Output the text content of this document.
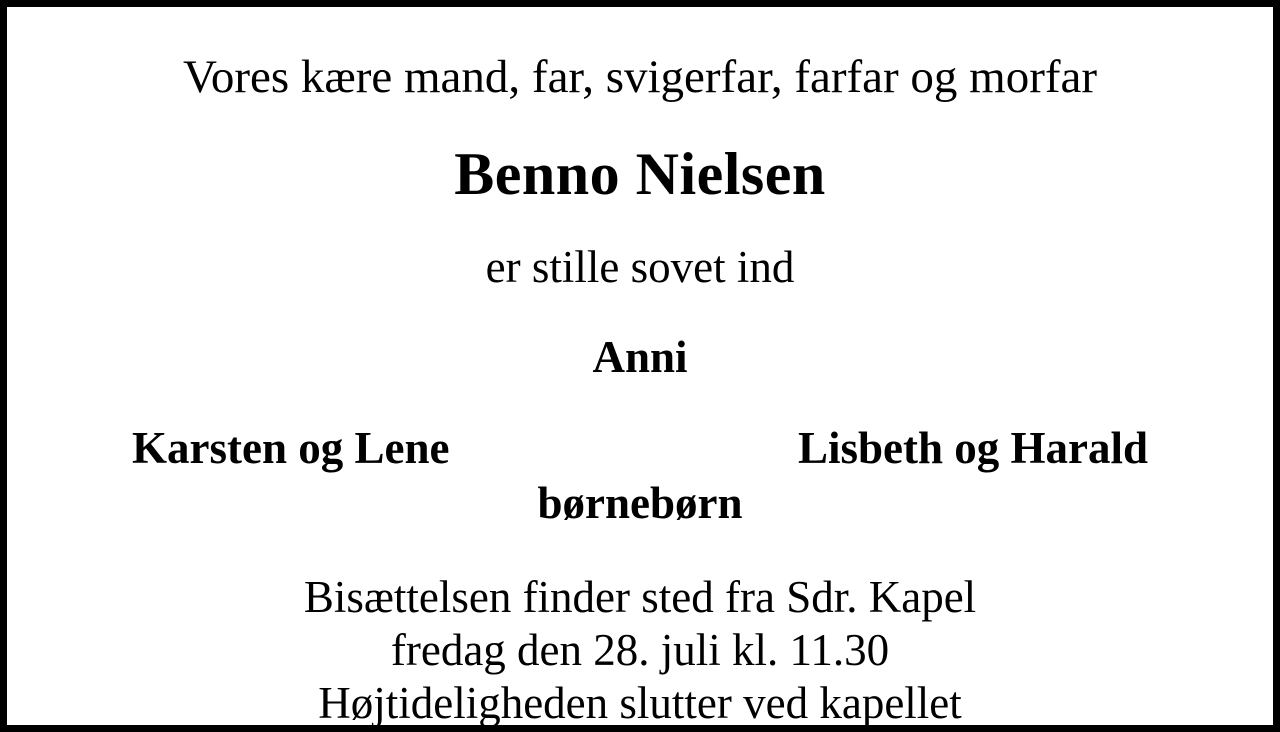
Vores kære mand, far, svigerfar, farfar og morfar
Benno Nielsen
er stille sovet ind
Anni
Karsten og Lene	Lisbeth og Harald
børnebørn
Bisættelsen finder sted fra Sdr. Kapel
fredag den 28. juli kl. 11.30
Højtideligheden slutter ved kapellet
